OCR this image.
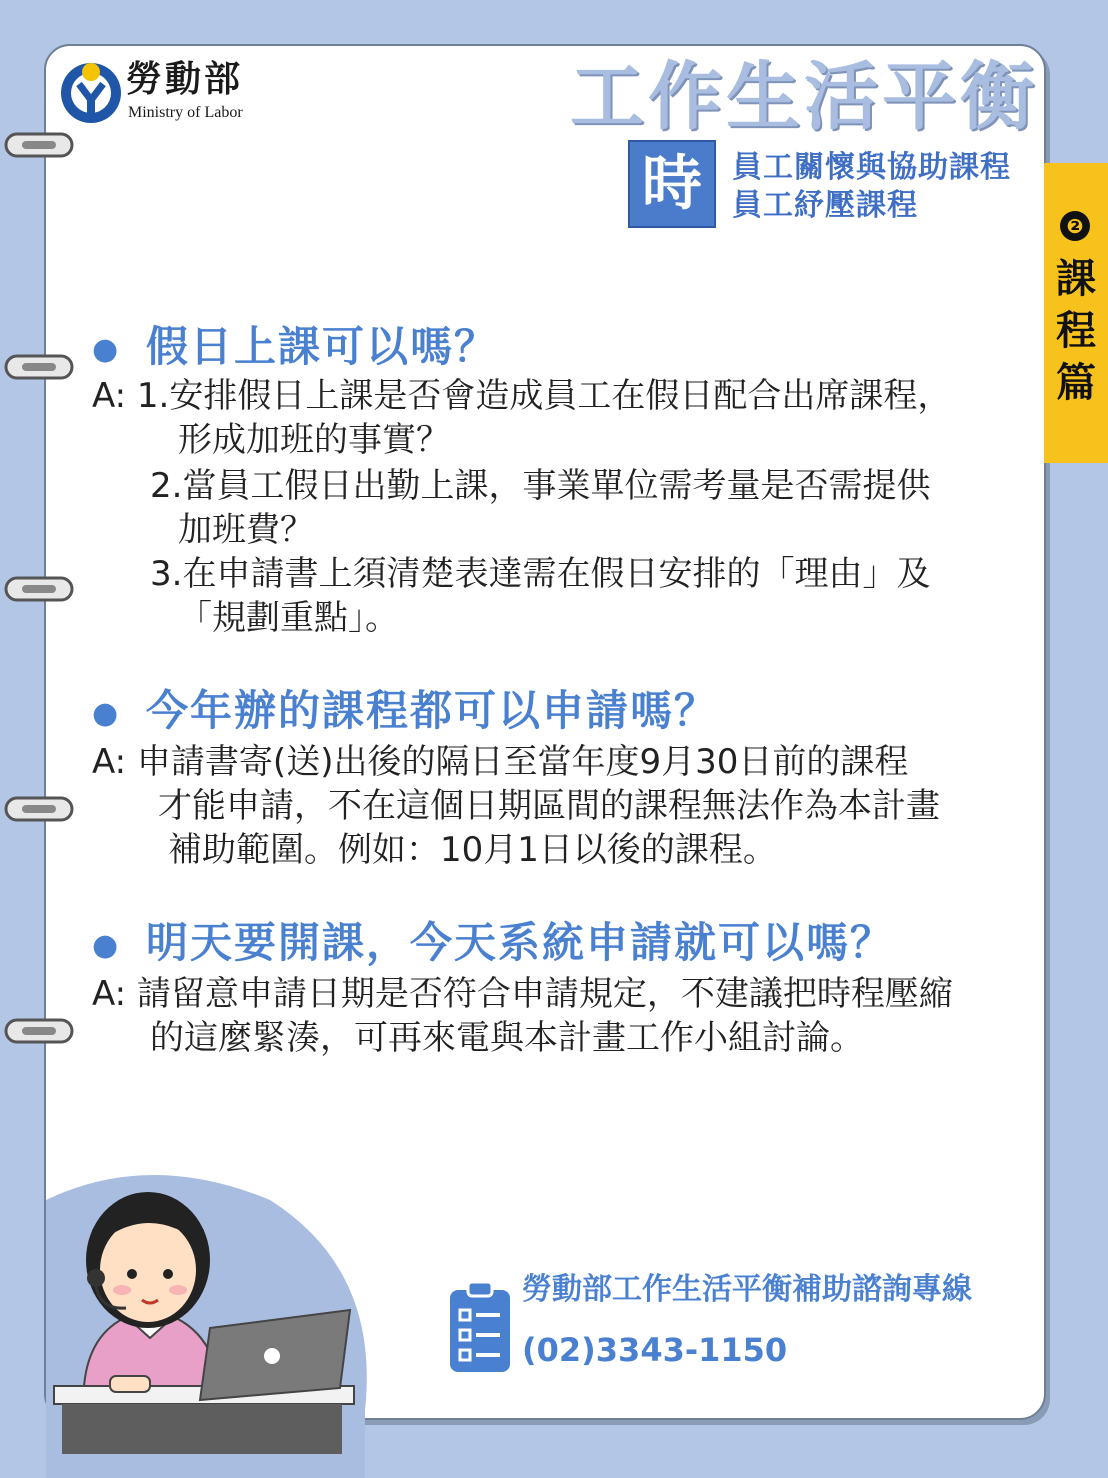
勞動部
Ministry of Labor	工作生活平衡
時	員工關懷與協助課程
員工紓壓課程
❷
課程篇
● 假日上課可以嗎？
A: 1.安排假日上課是否會造成員工在假日配合出席課程，
形成加班的事實？
2.當員工假日出勤上課，事業單位需考量是否需提供
加班費？
3.在申請書上須清楚表達需在假日安排的「理由」及
「規劃重點」。
● 今年辦的課程都可以申請嗎？
A: 申請書寄(送)出後的隔日至當年度9月30日前的課程
才能申請，不在這個日期區間的課程無法作為本計畫
補助範圍。例如：10月1日以後的課程。
● 明天要開課，今天系統申請就可以嗎？
A: 請留意申請日期是否符合申請規定，不建議把時程壓縮
的這麼緊湊，可再來電與本計畫工作小組討論。
勞動部工作生活平衡補助諮詢專線
(02)3343-1150
